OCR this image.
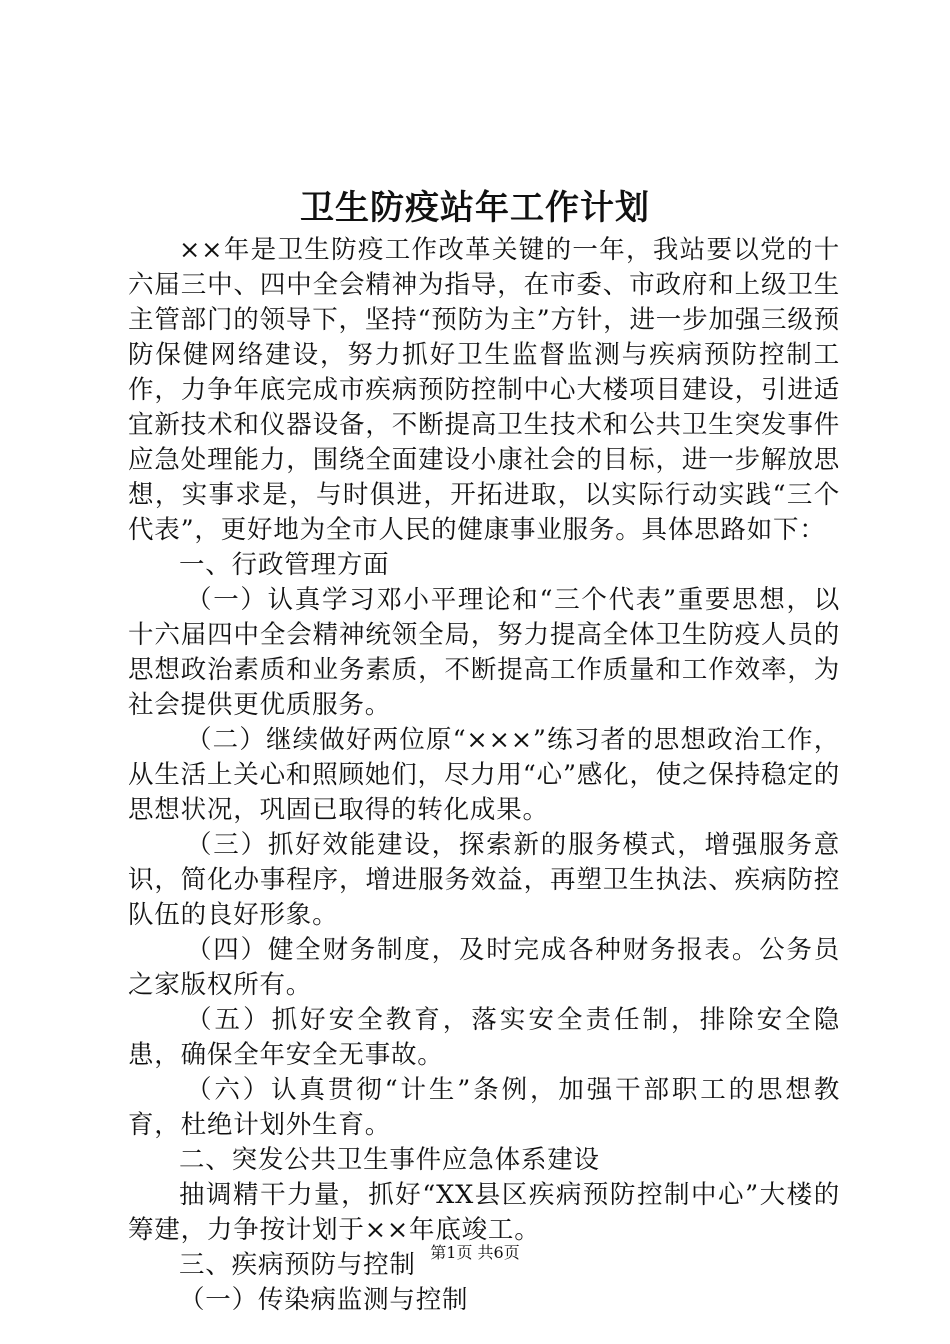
卫生防疫站年工作计划

××年是卫生防疫工作改革关键的一年，我站要以党的十六届三中、四中全会精神为指导，在市委、市政府和上级卫生主管部门的领导下，坚持“预防为主”方针，进一步加强三级预防保健网络建设，努力抓好卫生监督监测与疾病预防控制工作，力争年底完成市疾病预防控制中心大楼项目建设，引进适宜新技术和仪器设备，不断提高卫生技术和公共卫生突发事件应急处理能力，围绕全面建设小康社会的目标，进一步解放思想，实事求是，与时俱进，开拓进取，以实际行动实践“三个代表”，更好地为全市人民的健康事业服务。具体思路如下：

一、行政管理方面

（一）认真学习邓小平理论和“三个代表”重要思想，以十六届四中全会精神统领全局，努力提高全体卫生防疫人员的思想政治素质和业务素质，不断提高工作质量和工作效率，为社会提供更优质服务。

（二）继续做好两位原“×××”练习者的思想政治工作，从生活上关心和照顾她们，尽力用“心”感化，使之保持稳定的思想状况，巩固已取得的转化成果。

（三）抓好效能建设，探索新的服务模式，增强服务意识，简化办事程序，增进服务效益，再塑卫生执法、疾病防控队伍的良好形象。

（四）健全财务制度，及时完成各种财务报表。公务员之家版权所有。

（五）抓好安全教育，落实安全责任制，排除安全隐患，确保全年安全无事故。

（六）认真贯彻“计生”条例，加强干部职工的思想教育，杜绝计划外生育。

二、突发公共卫生事件应急体系建设

抽调精干力量，抓好“XX县区疾病预防控制中心”大楼的筹建，力争按计划于××年底竣工。

三、疾病预防与控制

（一）传染病监测与控制

第1页 共6页
